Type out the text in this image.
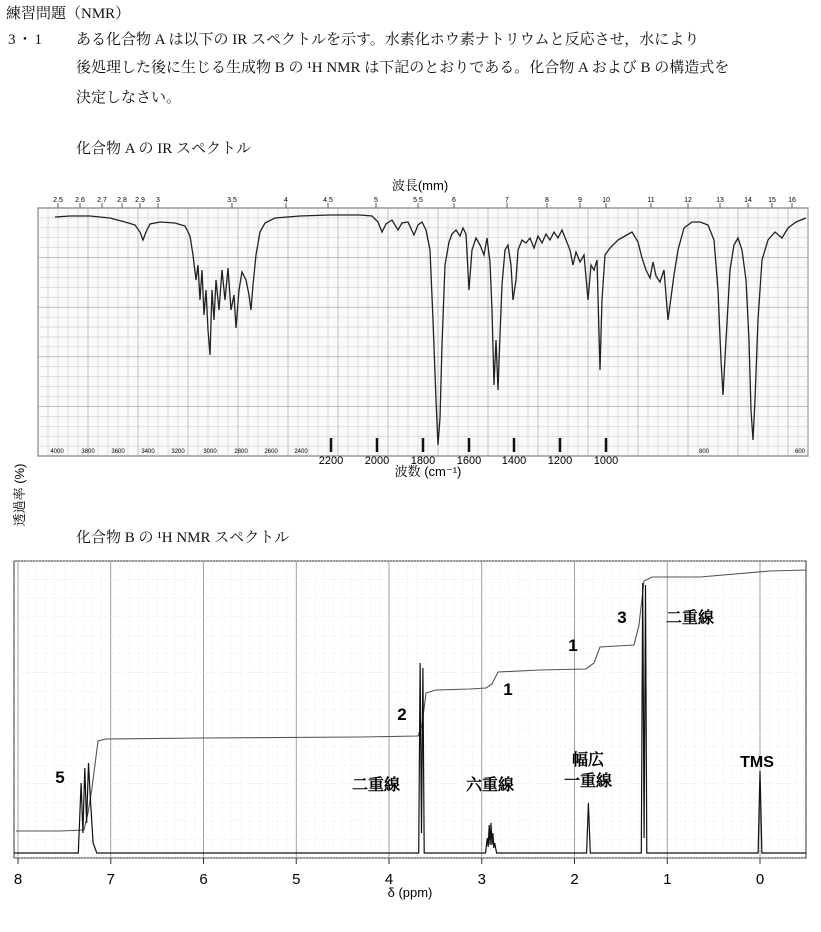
練習問題（NMR）
3・1 ある化合物 A は以下の IR スペクトルを示す。水素化ホウ素ナトリウムと反応させ，水により
後処理した後に生じる生成物 B の ¹H NMR は下記のとおりである。化合物 A および B の構造式を
決定しなさい。
化合物 A の IR スペクトル
波長(mm)
2.5 2.6 2.7 2.8 2.9 3	3.5	4	4.5	5	5.5	6	7	8	9	10	11	12	13	14 15 16
4000	3800	3600	3400	3200	3000	2800	2600	2400
2200 2000 1800 1600 1400 1200 1000
800	600
波数 (cm⁻¹)
透過率 (%)
化合物 B の ¹H NMR スペクトル
5
2
1
1
3
二重線	六重線
幅広
一重線
二重線
TMS
8	7	6	5	4	3	2	1	0
δ (ppm)
